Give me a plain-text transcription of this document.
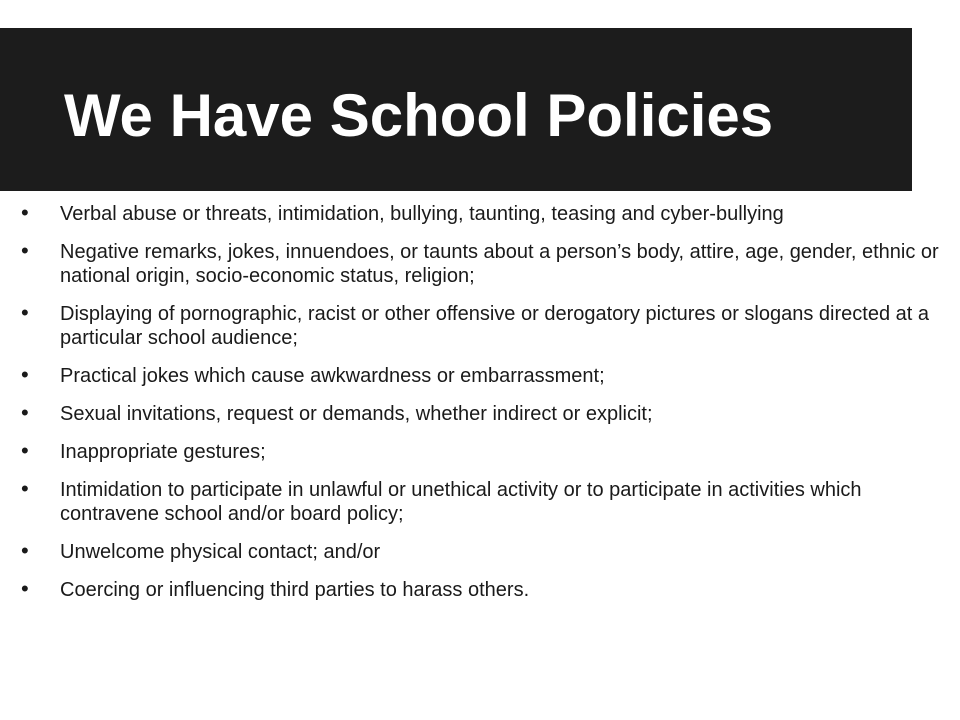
We Have School Policies
• Verbal abuse or threats, intimidation, bullying, taunting, teasing and cyber-bullying
• Negative remarks, jokes, innuendoes, or taunts about a person’s body, attire, age, gender, ethnic or national origin, socio-economic status, religion;
• Displaying of pornographic, racist or other offensive or derogatory pictures or slogans directed at a particular school audience;
• Practical jokes which cause awkwardness or embarrassment;
• Sexual invitations, request or demands, whether indirect or explicit;
• Inappropriate gestures;
• Intimidation to participate in unlawful or unethical activity or to participate in activities which contravene school and/or board policy;
• Unwelcome physical contact; and/or
• Coercing or influencing third parties to harass others.
